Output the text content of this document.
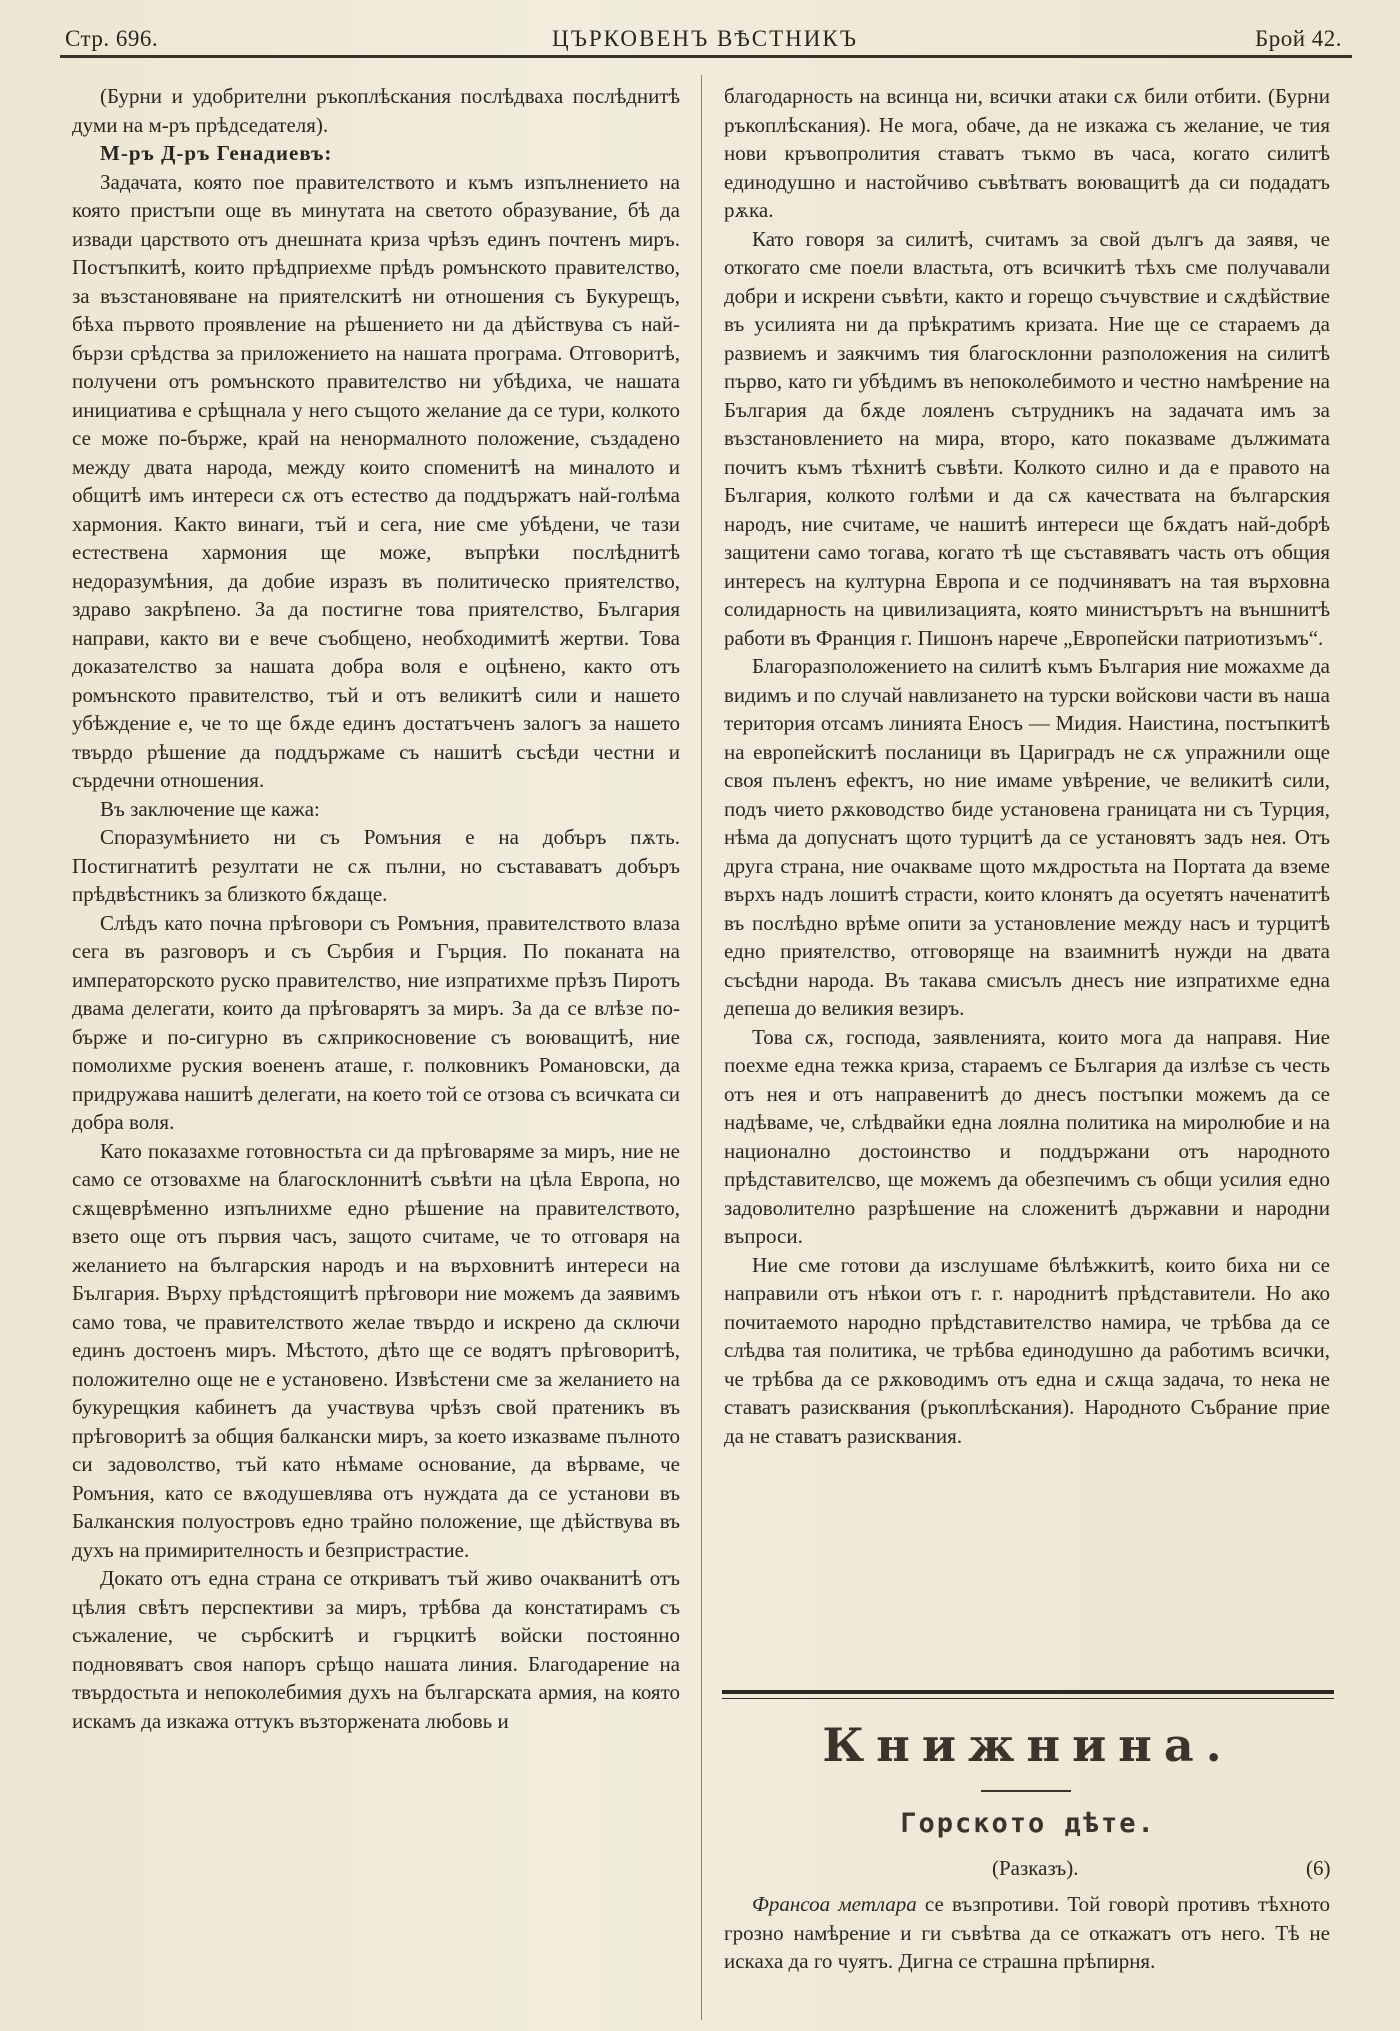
Стр. 696.	ЦЪРКОВЕНЪ ВѢСТНИКЪ	Брой 42.

(Бурни и удобрителни ръкоплѣскания послѣдваха послѣднитѣ думи на м-ръ прѣдседателя).

М-ръ Д-ръ Генадиевъ:

Задачата, която пое правителството и къмъ изпълнението на която пристъпи още въ минутата на светото образувание, бѣ да извади царството отъ днешната криза чрѣзъ единъ почтенъ миръ. Постъпкитѣ, които прѣдприехме прѣдъ ромънското правителство, за възстановяване на приятелскитѣ ни отношения съ Букурещъ, бѣха първото проявление на рѣшението ни да дѣйствува съ най-бързи срѣдства за приложението на нашата програма. Отговоритѣ, получени отъ ромънското правителство ни убѣдиха, че нашата инициатива е срѣщнала у него същото желание да се тури, колкото се може по-бърже, край на ненормалното положение, създадено между двата народа, между които споменитѣ на миналото и общитѣ имъ интереси сѫ отъ естество да поддържатъ най-голѣма хармония. Както винаги, тъй и сега, ние сме убѣдени, че тази естествена хармония ще може, въпрѣки послѣднитѣ недоразумѣния, да добие изразъ въ политическо приятелство, здраво закрѣпено. За да постигне това приятелство, България направи, както ви е вече съобщено, необходимитѣ жертви. Това доказателство за нашата добра воля е оцѣнено, както отъ ромънското правителство, тъй и отъ великитѣ сили и нашето убѣждение е, че то ще бѫде единъ достатъченъ залогъ за нашето твърдо рѣшение да поддържаме съ нашитѣ съсѣди честни и сърдечни отношения.

Въ заключение ще кажа:

Споразумѣнието ни съ Ромъния е на добъръ пѫть. Постигнатитѣ резултати не сѫ пълни, но състававатъ добъръ прѣдвѣстникъ за близкото бѫдаще.

Слѣдъ като почна прѣговори съ Ромъния, правителството влаза сега въ разговоръ и съ Сърбия и Гърция. По поканата на императорското руско правителство, ние изпратихме прѣзъ Пиротъ двама делегати, които да прѣговарятъ за миръ. За да се влѣзе по-бърже и по-сигурно въ сѫприкосновение съ воюващитѣ, ние помолихме руския воененъ аташе, г. полковникъ Романовски, да придружава нашитѣ делегати, на което той се отзова съ всичката си добра воля.

Като показахме готовностьта си да прѣговаряме за миръ, ние не само се отзовахме на благосклоннитѣ съвѣти на цѣла Европа, но сѫщеврѣменно изпълнихме едно рѣшение на правителството, взето още отъ първия часъ, защото считаме, че то отговаря на желанието на българския народъ и на върховнитѣ интереси на България. Върху прѣдстоящитѣ прѣговори ние можемъ да заявимъ само това, че правителството желае твърдо и искрено да сключи единъ достоенъ миръ. Мѣстото, дѣто ще се водятъ прѣговоритѣ, положително още не е установено. Извѣстени сме за желанието на букурещкия кабинетъ да участвува чрѣзъ свой пратеникъ въ прѣговоритѣ за общия балкански миръ, за което изказваме пълното си задоволство, тъй като нѣмаме основание, да вѣрваме, че Ромъния, като се вѫодушевлява отъ нуждата да се установи въ Балканския полуостровъ едно трайно положение, ще дѣйствува въ духъ на примирителность и безпристрастие.

Докато отъ една страна се откриватъ тъй живо очакванитѣ отъ цѣлия свѣтъ перспективи за миръ, трѣбва да констатирамъ съ съжаление, че сърбскитѣ и гърцкитѣ войски постоянно подновяватъ своя напоръ срѣщо нашата линия. Благодарение на твърдостьта и непоколебимия духъ на българската армия, на която искамъ да изкажа оттукъ възторжената любовь и

благодарность на всинца ни, всички атаки сѫ били отбити. (Бурни ръкоплѣскания). Не мога, обаче, да не изкажа съ желание, че тия нови кръвопролития ставатъ тъкмо въ часа, когато силитѣ единодушно и настойчиво съвѣтватъ воюващитѣ да си подадатъ рѫка.

Като говоря за силитѣ, считамъ за свой дългъ да заявя, че откогато сме поели властьта, отъ всичкитѣ тѣхъ сме получавали добри и искрени съвѣти, както и горещо съчувствие и сѫдѣйствие въ усилията ни да прѣкратимъ кризата. Ние ще се стараемъ да развиемъ и заякчимъ тия благосклонни разположения на силитѣ първо, като ги убѣдимъ въ непоколебимото и честно намѣрение на България да бѫде лояленъ сътрудникъ на задачата имъ за възстановлението на мира, второ, като показваме дължимата почитъ къмъ тѣхнитѣ съвѣти. Колкото силно и да е правото на България, колкото голѣми и да сѫ качествата на българския народъ, ние считаме, че нашитѣ интереси ще бѫдатъ най-добрѣ защитени само тогава, когато тѣ ще съставяватъ часть отъ общия интересъ на културна Европа и се подчиняватъ на тая върховна солидарность на цивилизацията, която министърътъ на външнитѣ работи въ Франция г. Пишонъ нарече „Европейски патриотизъмъ“.

Благоразположението на силитѣ къмъ България ние можахме да видимъ и по случай навлизането на турски войскови части въ наша територия отсамъ линията Еносъ — Мидия. Наистина, постъпкитѣ на европейскитѣ посланици въ Цариградъ не сѫ упражнили още своя пъленъ ефектъ, но ние имаме увѣрение, че великитѣ сили, подъ чието рѫководство биде установена границата ни съ Турция, нѣма да допуснатъ щото турцитѣ да се установятъ задъ нея. Отъ друга страна, ние очакваме щото мѫдростьта на Портата да вземе върхъ надъ лошитѣ страсти, които клонятъ да осуетятъ наченатитѣ въ послѣдно врѣме опити за установление между насъ и турцитѣ едно приятелство, отговоряще на взаимнитѣ нужди на двата съсѣдни народа. Въ такава смисълъ днесъ ние изпратихме една депеша до великия везиръ.

Това сѫ, господа, заявленията, които мога да направя. Ние поехме една тежка криза, стараемъ се България да излѣзе съ честь отъ нея и отъ направенитѣ до днесъ постъпки можемъ да се надѣваме, че, слѣдвайки една лоялна политика на миролюбие и на национално достоинство и поддържани отъ народното прѣдставителсво, ще можемъ да обезпечимъ съ общи усилия едно задоволително разрѣшение на сложенитѣ държавни и народни въпроси.

Ние сме готови да изслушаме бѣлѣжкитѣ, които биха ни се направили отъ нѣкои отъ г. г. народнитѣ прѣдставители. Но ако почитаемото народно прѣдставителство намира, че трѣбва да се слѣдва тая политика, че трѣбва единодушно да работимъ всички, че трѣбва да се рѫководимъ отъ една и сѫща задача, то нека не ставатъ разисквания (ръкоплѣскания). Народното Събрание прие да не ставатъ разисквания.

Книжнина.
Горското дѣте.
(Разказъ).	(6)

Франсоа метлара се възпротиви. Той говорѝ противъ тѣхното грозно намѣрение и ги съвѣтва да се откажатъ отъ него. Тѣ не искаха да го чуятъ. Дигна се страшна прѣпирня.
